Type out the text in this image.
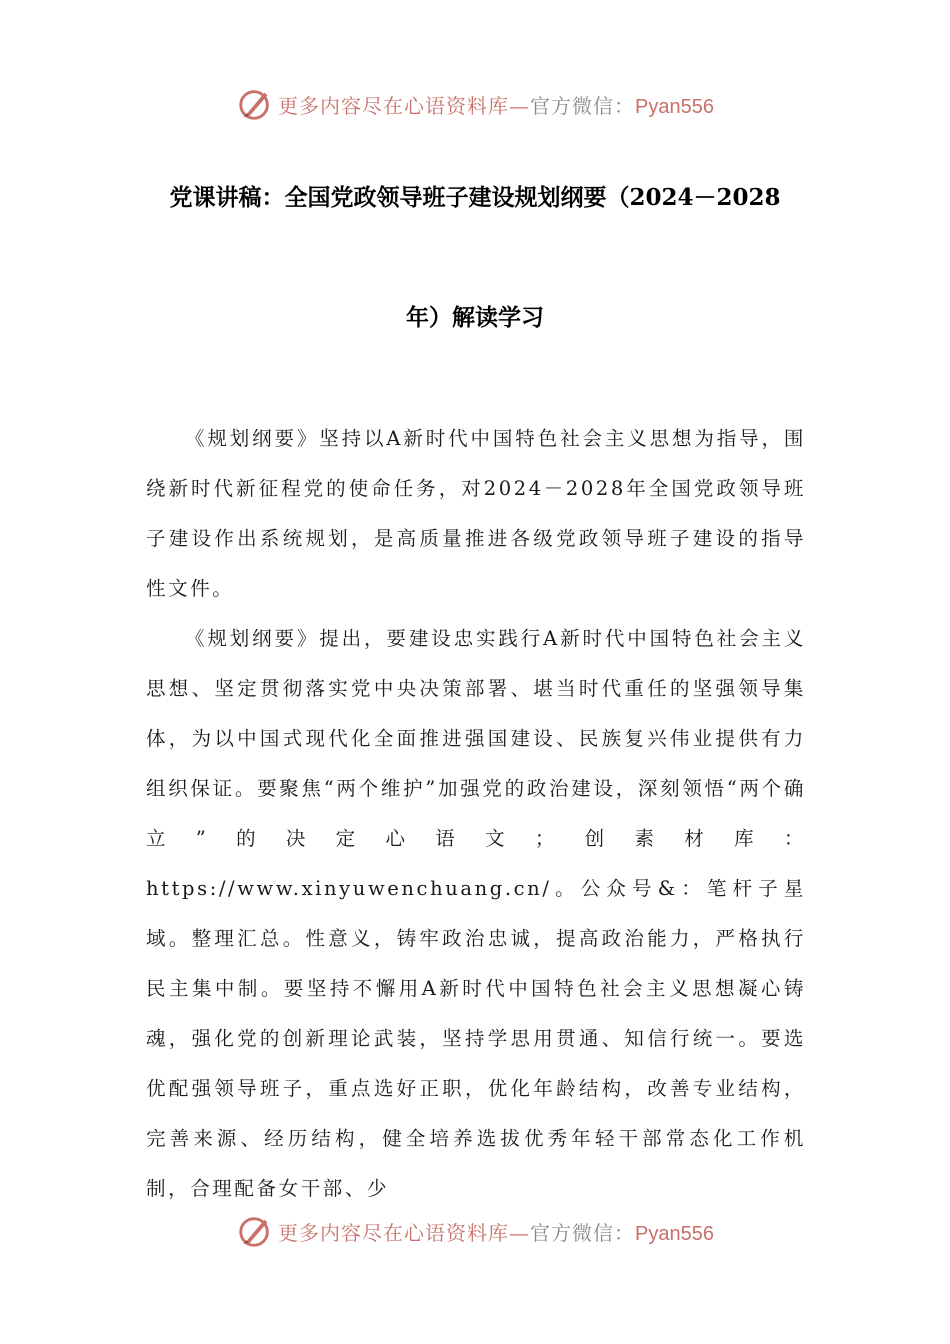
更多内容尽在心语资料库—官方微信：Pyan556
党课讲稿：全国党政领导班子建设规划纲要（2024－2028
年）解读学习

《规划纲要》坚持以A新时代中国特色社会主义思想为指导，围绕新时代新征程党的使命任务，对2024－2028年全国党政领导班子建设作出系统规划，是高质量推进各级党政领导班子建设的指导性文件。

《规划纲要》提出，要建设忠实践行A新时代中国特色社会主义思想、坚定贯彻落实党中央决策部署、堪当时代重任的坚强领导集体，为以中国式现代化全面推进强国建设、民族复兴伟业提供有力组织保证。要聚焦“两个维护”加强党的政治建设，深刻领悟“两个确立”的决定心语文；创素材库：https://www.xinyuwenchuang.cn/。公众号&：笔杆子星域。整理汇总。性意义，铸牢政治忠诚，提高政治能力，严格执行民主集中制。要坚持不懈用A新时代中国特色社会主义思想凝心铸魂，强化党的创新理论武装，坚持学思用贯通、知信行统一。要选优配强领导班子，重点选好正职，优化年龄结构，改善专业结构，完善来源、经历结构，健全培养选拔优秀年轻干部常态化工作机制，合理配备女干部、少

更多内容尽在心语资料库—官方微信：Pyan556
